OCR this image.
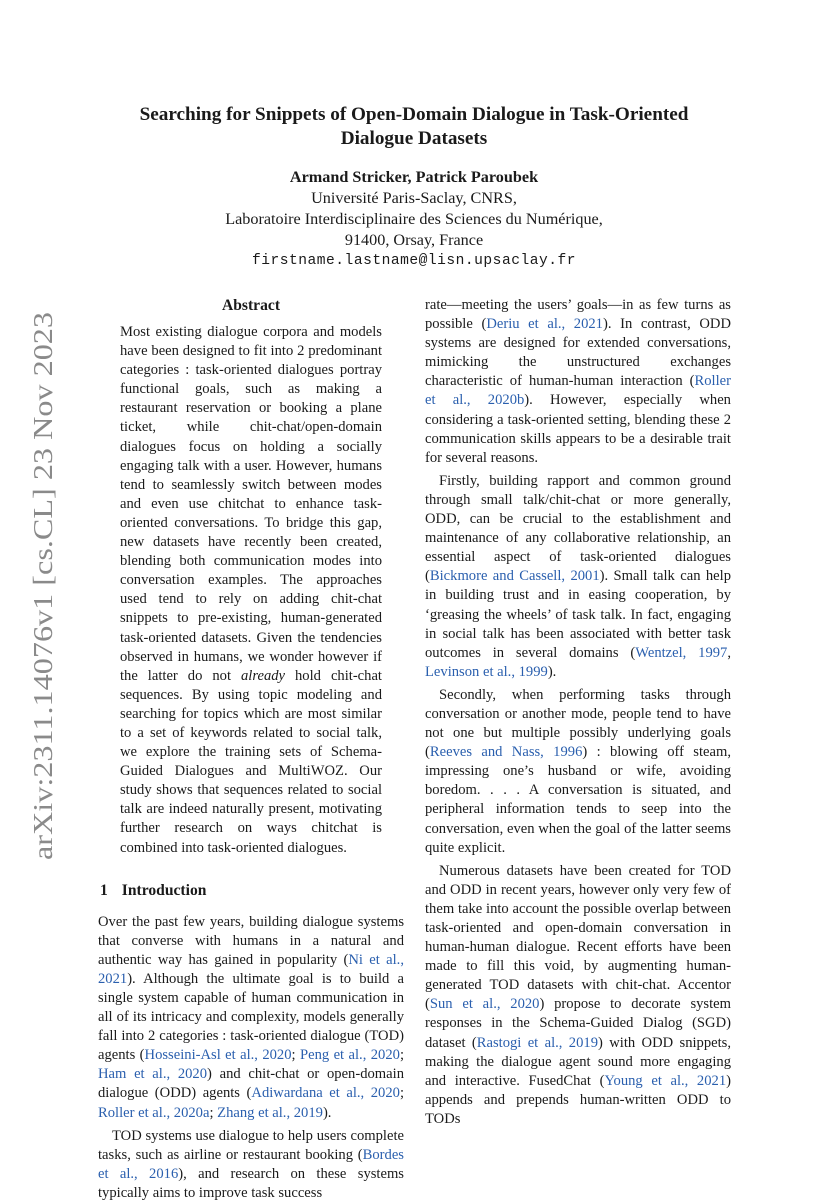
arXiv:2311.14076v1 [cs.CL] 23 Nov 2023
Searching for Snippets of Open-Domain Dialogue in Task-Oriented
Dialogue Datasets
Armand Stricker, Patrick Paroubek
Université Paris-Saclay, CNRS,
Laboratoire Interdisciplinaire des Sciences du Numérique,
91400, Orsay, France
firstname.lastname@lisn.upsaclay.fr
Abstract

Most existing dialogue corpora and models have been designed to fit into 2 predominant categories : task-oriented dialogues portray functional goals, such as making a restaurant reservation or booking a plane ticket, while chit-chat/open-domain dialogues focus on holding a socially engaging talk with a user. However, humans tend to seamlessly switch between modes and even use chitchat to enhance task-oriented conversations. To bridge this gap, new datasets have recently been created, blending both communication modes into conversation examples. The approaches used tend to rely on adding chit-chat snippets to pre-existing, human-generated task-oriented datasets. Given the tendencies observed in humans, we wonder however if the latter do not already hold chit-chat sequences. By using topic modeling and searching for topics which are most similar to a set of keywords related to social talk, we explore the training sets of Schema-Guided Dialogues and MultiWOZ. Our study shows that sequences related to social talk are indeed naturally present, motivating further research on ways chitchat is combined into task-oriented dialogues.

1 Introduction

Over the past few years, building dialogue systems that converse with humans in a natural and authentic way has gained in popularity (Ni et al., 2021). Although the ultimate goal is to build a single system capable of human communication in all of its intricacy and complexity, models generally fall into 2 categories : task-oriented dialogue (TOD) agents (Hosseini-Asl et al., 2020; Peng et al., 2020; Ham et al., 2020) and chit-chat or open-domain dialogue (ODD) agents (Adiwardana et al., 2020; Roller et al., 2020a; Zhang et al., 2019).

TOD systems use dialogue to help users complete tasks, such as airline or restaurant booking (Bordes et al., 2016), and research on these systems typically aims to improve task success

rate—meeting the users’ goals—in as few turns as possible (Deriu et al., 2021). In contrast, ODD systems are designed for extended conversations, mimicking the unstructured exchanges characteristic of human-human interaction (Roller et al., 2020b). However, especially when considering a task-oriented setting, blending these 2 communication skills appears to be a desirable trait for several reasons.

Firstly, building rapport and common ground through small talk/chit-chat or more generally, ODD, can be crucial to the establishment and maintenance of any collaborative relationship, an essential aspect of task-oriented dialogues (Bickmore and Cassell, 2001). Small talk can help in building trust and in easing cooperation, by ‘greasing the wheels’ of task talk. In fact, engaging in social talk has been associated with better task outcomes in several domains (Wentzel, 1997, Levinson et al., 1999).

Secondly, when performing tasks through conversation or another mode, people tend to have not one but multiple possibly underlying goals (Reeves and Nass, 1996) : blowing off steam, impressing one’s husband or wife, avoiding boredom. . . . A conversation is situated, and peripheral information tends to seep into the conversation, even when the goal of the latter seems quite explicit.

Numerous datasets have been created for TOD and ODD in recent years, however only very few of them take into account the possible overlap between task-oriented and open-domain conversation in human-human dialogue. Recent efforts have been made to fill this void, by augmenting human-generated TOD datasets with chit-chat. Accentor (Sun et al., 2020) propose to decorate system responses in the Schema-Guided Dialog (SGD) dataset (Rastogi et al., 2019) with ODD snippets, making the dialogue agent sound more engaging and interactive. FusedChat (Young et al., 2021) appends and prepends human-written ODD to TODs
